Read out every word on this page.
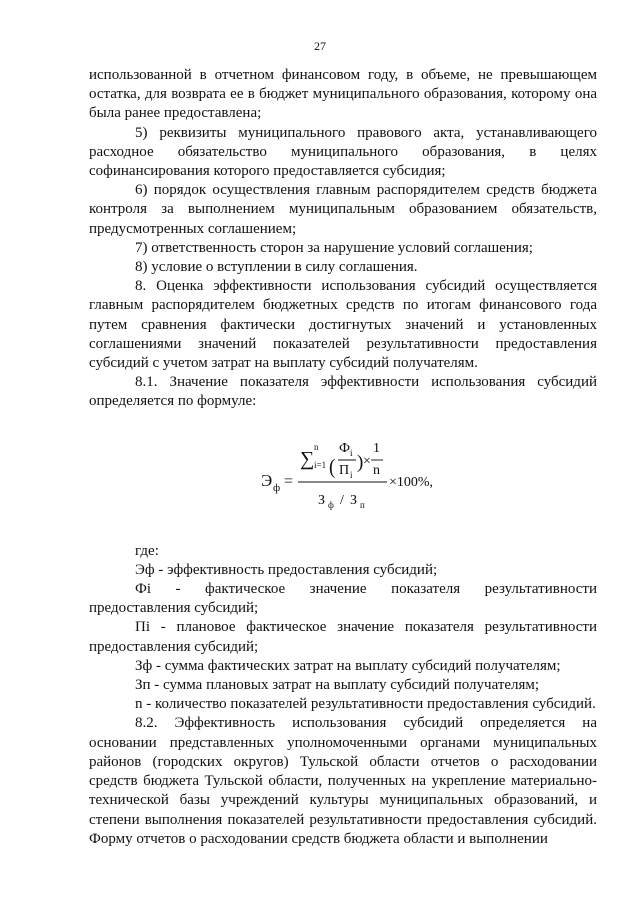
27

использованной в отчетном финансовом году, в объеме, не превышающем остатка, для возврата ее в бюджет муниципального образования, которому она была ранее предоставлена;

5) реквизиты муниципального правового акта, устанавливающего расходное обязательство муниципального образования, в целях софинансирования которого предоставляется субсидия;

6) порядок осуществления главным распорядителем средств бюджета контроля за выполнением муниципальным образованием обязательств, предусмотренных соглашением;

7) ответственность сторон за нарушение условий соглашения;

8) условие о вступлении в силу соглашения.

8. Оценка эффективности использования субсидий осуществляется главным распорядителем бюджетных средств по итогам финансового года путем сравнения фактически достигнутых значений и установленных соглашениями значений показателей результативности предоставления субсидий с учетом затрат на выплату субсидий получателям.

8.1. Значение показателя эффективности использования субсидий определяется по формуле:

Э ф =
∑
n
i=1 (
Ф i
П i
) ×
1
n
З ф / З п
×100%,

где:

Эф - эффективность предоставления субсидий;

Фi - фактическое значение показателя результативности предоставления субсидий;

Пi - плановое фактическое значение показателя результативности предоставления субсидий;

Зф - сумма фактических затрат на выплату субсидий получателям;

Зп - сумма плановых затрат на выплату субсидий получателям;

n - количество показателей результативности предоставления субсидий.

8.2. Эффективность использования субсидий определяется на основании представленных уполномоченными органами муниципальных районов (городских округов) Тульской области отчетов о расходовании средств бюджета Тульской области, полученных на укрепление материально-технической базы учреждений культуры муниципальных образований, и степени выполнения показателей результативности предоставления субсидий. Форму отчетов о расходовании средств бюджета области и выполнении
